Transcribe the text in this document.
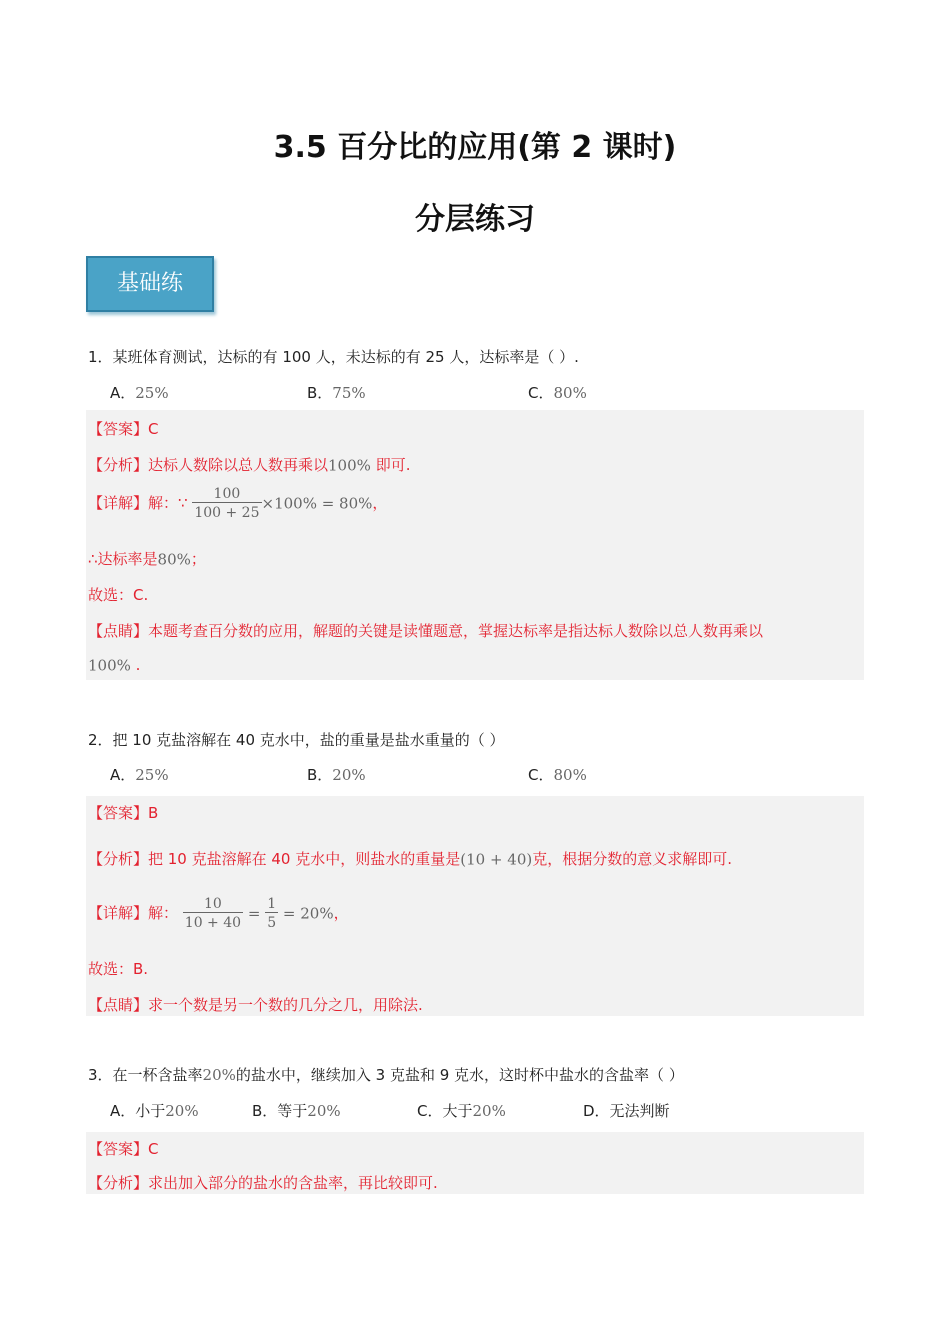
3.5 百分比的应用(第 2 课时)
分层练习
基础练
1．某班体育测试，达标的有 100 人，未达标的有 25 人，达标率是（ ）.
A．25%	B．75%	C．80%
【答案】C
【分析】达标人数除以总人数再乘以100% 即可.
【详解】解：∵ $\frac{100}{100 + 25} \times 100\% = 80\%$，
∴达标率是80%；
故选：C.
【点睛】本题考查百分数的应用，解题的关键是读懂题意，掌握达标率是指达标人数除以总人数再乘以
100% .
2．把 10 克盐溶解在 40 克水中，盐的重量是盐水重量的（ ）
A．25%	B．20%	C．80%
【答案】B
【分析】把 10 克盐溶解在 40 克水中，则盐水的重量是(10 + 40)克，根据分数的意义求解即可.
【详解】解： $\frac{10}{10 + 40} = \frac{1}{5} = 20\%$，
故选：B.
【点睛】求一个数是另一个数的几分之几，用除法.
3．在一杯含盐率20%的盐水中，继续加入 3 克盐和 9 克水，这时杯中盐水的含盐率（ ）
A．小于20%	B．等于20%	C．大于20%	D．无法判断
【答案】C
【分析】求出加入部分的盐水的含盐率，再比较即可.
